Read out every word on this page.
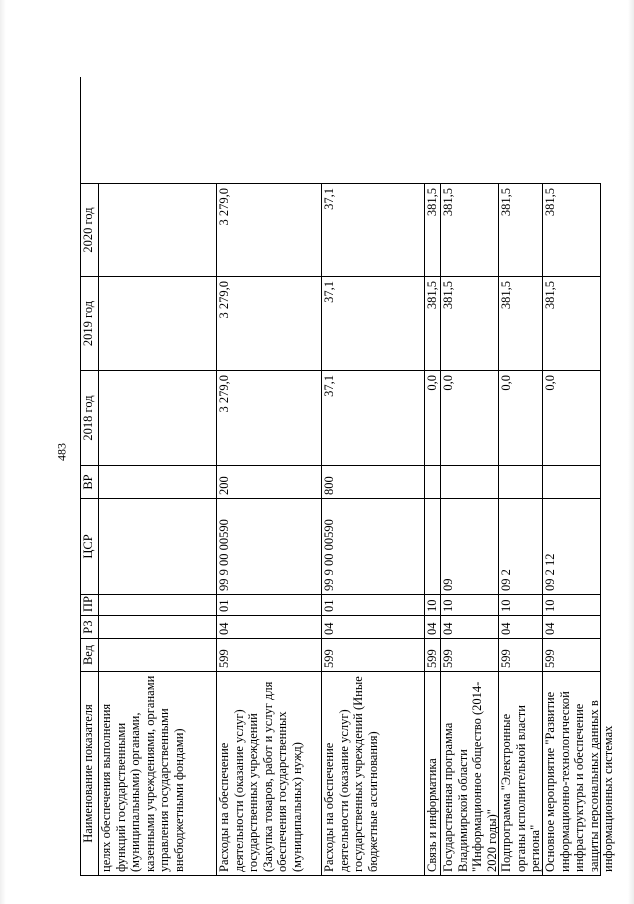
483
Наименование показателя
Вед
РЗ
ПР
ЦСР
ВР
2018 год
2019 год
2020 год
целях обеспечения выполнения функций государственными (муниципальными) органами, казенными учреждениями, органами управления государственными внебюджетными фондами)	Расходы на обеспечение деятельности (оказание услуг) государственных учреждений (Закупка товаров, работ и услуг для обеспечения государственных (муниципальных) нужд)
599
04
01
99 9 00 00590
200
3 279,0
3 279,0
3 279,0
Расходы на обеспечение деятельности (оказание услуг) государственных учреждений (Иные бюджетные ассигнования)
599
04
01
99 9 00 00590
800
37,1
37,1
37,1
Связь и информатика
599
04
10
0,0
381,5
381,5
Государственная программа Владимирской области "Информационное общество (2014-2020 годы)"
599
04
10
09
0,0
381,5
381,5
Подпрограмма "Электронные органы исполнительной власти региона"
599
04
10
09 2
0,0
381,5
381,5
Основное мероприятие "Развитие информационно-технологической инфраструктуры и обеспечение защиты персональных данных в информационных системах
599
04
10
09 2 12
0,0
381,5
381,5
